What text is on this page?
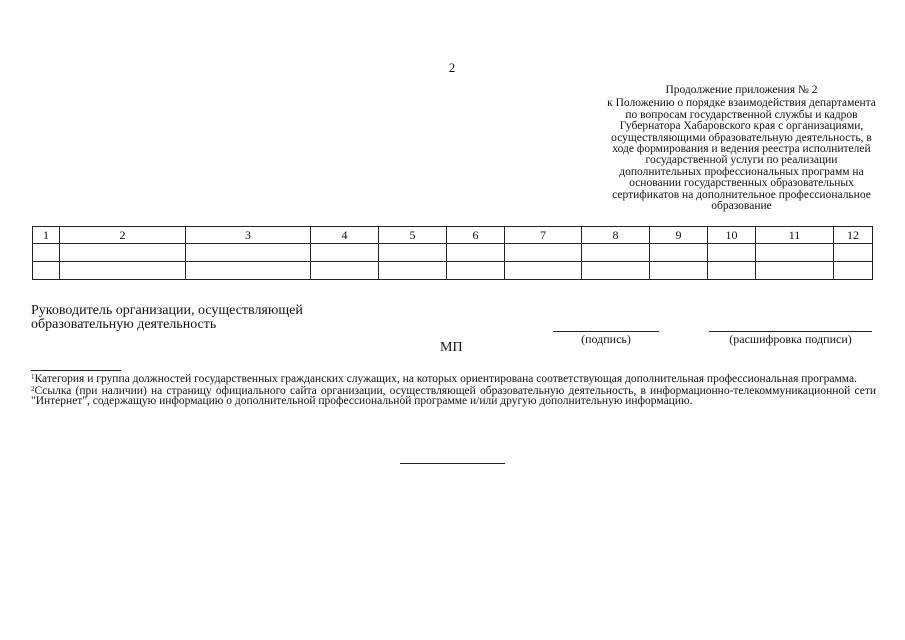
2
Продолжение приложения № 2
к Положению о порядке взаимодействия департамента по вопросам государственной службы и кадров Губернатора Хабаровского края с организациями, осуществляющими образовательную деятельность, в ходе формирования и ведения реестра исполнителей государственной услуги по реализации дополнительных профессиональных программ на основании государственных образовательных сертификатов на дополнительное профессиональное образование
1	2	3	4	5	6	7	8	9	10	11	12

Руководитель организации, осуществляющей
образовательную деятельность
МП
(подпись)	(расшифровка подписи)

$^1$Категория и группа должностей государственных гражданских служащих, на которых ориентирована соответствующая дополнительная профессиональная программа.

$^2$Ссылка (при наличии) на страницу официального сайта организации, осуществляющей образовательную деятельность, в информационно-телекоммуникационной сети "Интернет", содержащую информацию о дополнительной профессиональной программе и/или другую дополнительную информацию.
